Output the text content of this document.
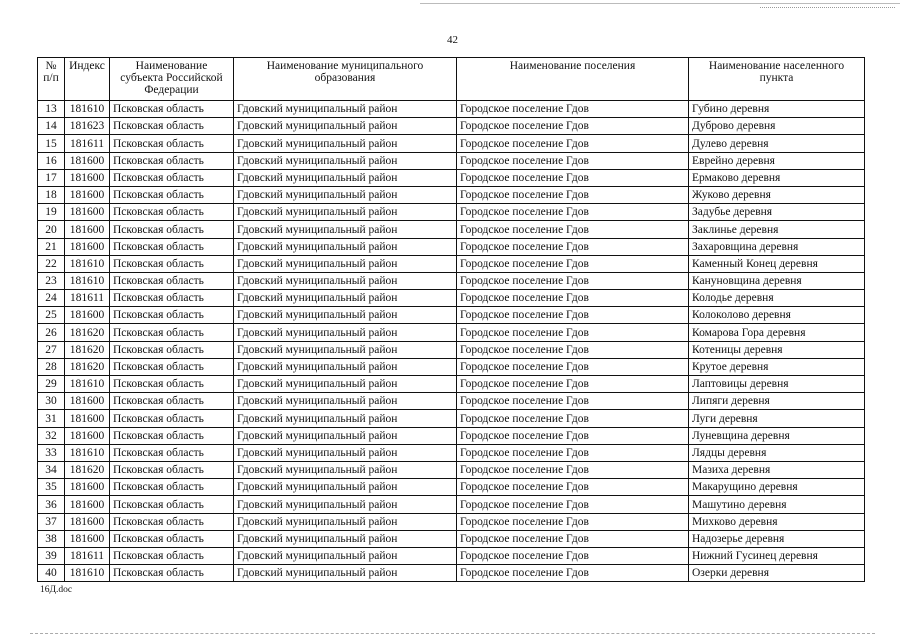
42
№ п/п	Индекс	Наименование субъекта Российской Федерации	Наименование муниципального образования	Наименование поселения	Наименование населенного пункта
13	181610	Псковская область	Гдовский муниципальный район	Городское поселение Гдов	Губино деревня
14	181623	Псковская область	Гдовский муниципальный район	Городское поселение Гдов	Дуброво деревня
15	181611	Псковская область	Гдовский муниципальный район	Городское поселение Гдов	Дулево деревня
16	181600	Псковская область	Гдовский муниципальный район	Городское поселение Гдов	Еврейно деревня
17	181600	Псковская область	Гдовский муниципальный район	Городское поселение Гдов	Ермаково деревня
18	181600	Псковская область	Гдовский муниципальный район	Городское поселение Гдов	Жуково деревня
19	181600	Псковская область	Гдовский муниципальный район	Городское поселение Гдов	Задубье деревня
20	181600	Псковская область	Гдовский муниципальный район	Городское поселение Гдов	Заклинье деревня
21	181600	Псковская область	Гдовский муниципальный район	Городское поселение Гдов	Захаровщина деревня
22	181610	Псковская область	Гдовский муниципальный район	Городское поселение Гдов	Каменный Конец деревня
23	181610	Псковская область	Гдовский муниципальный район	Городское поселение Гдов	Кануновщина деревня
24	181611	Псковская область	Гдовский муниципальный район	Городское поселение Гдов	Колодье деревня
25	181600	Псковская область	Гдовский муниципальный район	Городское поселение Гдов	Колоколово деревня
26	181620	Псковская область	Гдовский муниципальный район	Городское поселение Гдов	Комарова Гора деревня
27	181620	Псковская область	Гдовский муниципальный район	Городское поселение Гдов	Котеницы деревня
28	181620	Псковская область	Гдовский муниципальный район	Городское поселение Гдов	Крутое деревня
29	181610	Псковская область	Гдовский муниципальный район	Городское поселение Гдов	Лаптовицы деревня
30	181600	Псковская область	Гдовский муниципальный район	Городское поселение Гдов	Липяги деревня
31	181600	Псковская область	Гдовский муниципальный район	Городское поселение Гдов	Луги деревня
32	181600	Псковская область	Гдовский муниципальный район	Городское поселение Гдов	Луневщина деревня
33	181610	Псковская область	Гдовский муниципальный район	Городское поселение Гдов	Лядцы деревня
34	181620	Псковская область	Гдовский муниципальный район	Городское поселение Гдов	Мазиха деревня
35	181600	Псковская область	Гдовский муниципальный район	Городское поселение Гдов	Макарущино деревня
36	181600	Псковская область	Гдовский муниципальный район	Городское поселение Гдов	Машутино деревня
37	181600	Псковская область	Гдовский муниципальный район	Городское поселение Гдов	Михково деревня
38	181600	Псковская область	Гдовский муниципальный район	Городское поселение Гдов	Надозерье деревня
39	181611	Псковская область	Гдовский муниципальный район	Городское поселение Гдов	Нижний Гусинец деревня
40	181610	Псковская область	Гдовский муниципальный район	Городское поселение Гдов	Озерки деревня
16Д.doc
